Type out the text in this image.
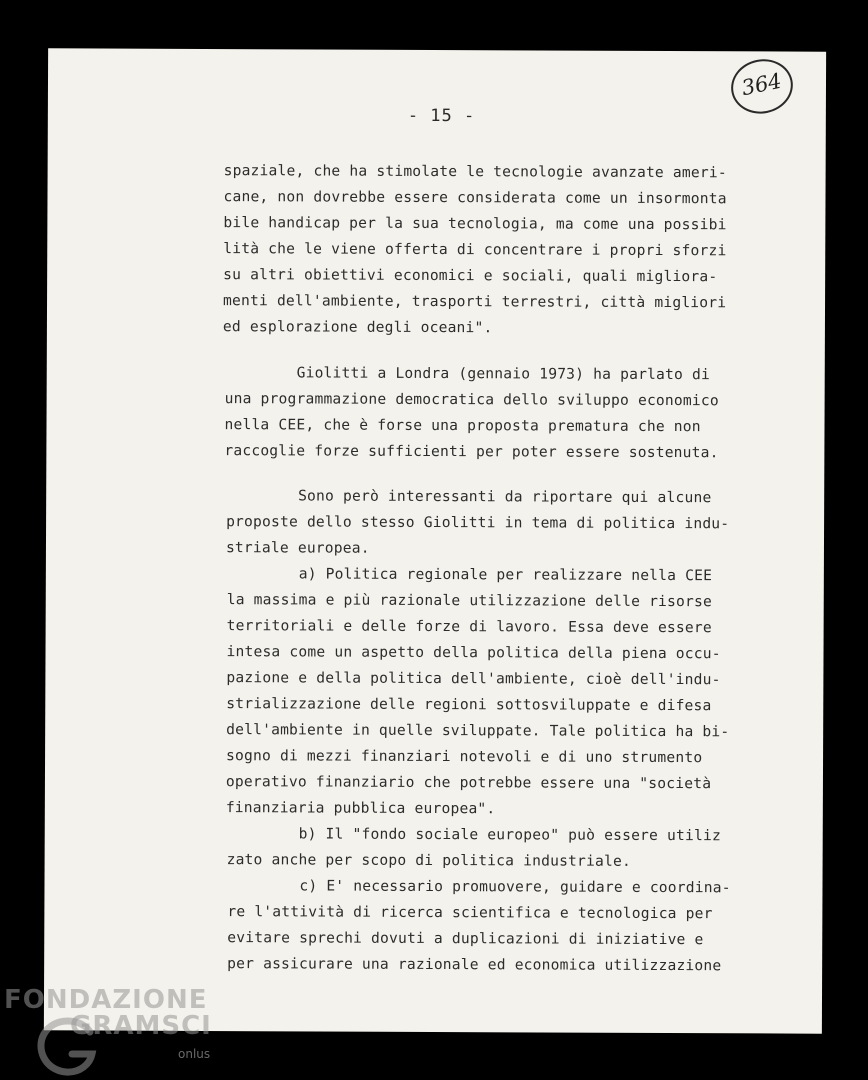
364
- 15 -
spaziale, che ha stimolate le tecnologie avanzate ameri-
cane, non dovrebbe essere considerata come un insormonta
bile handicap per la sua tecnologia, ma come una possibi
lità che le viene offerta di concentrare i propri sforzi
su altri obiettivi economici e sociali, quali migliora-
menti dell'ambiente, trasporti terrestri, città migliori
ed esplorazione degli oceani".
Giolitti a Londra (gennaio 1973) ha parlato di
una programmazione democratica dello sviluppo economico
nella CEE, che è forse una proposta prematura che non
raccoglie forze sufficienti per poter essere sostenuta.
Sono però interessanti da riportare qui alcune
proposte dello stesso Giolitti in tema di politica indu-
striale europea.
a) Politica regionale per realizzare nella CEE
la massima e più razionale utilizzazione delle risorse
territoriali e delle forze di lavoro. Essa deve essere
intesa come un aspetto della politica della piena occu-
pazione e della politica dell'ambiente, cioè dell'indu-
strializzazione delle regioni sottosviluppate e difesa
dell'ambiente in quelle sviluppate. Tale politica ha bi-
sogno di mezzi finanziari notevoli e di uno strumento
operativo finanziario che potrebbe essere una "società
finanziaria pubblica europea".
b) Il "fondo sociale europeo" può essere utiliz
zato anche per scopo di politica industriale.
c) E' necessario promuovere, guidare e coordina-
re l'attività di ricerca scientifica e tecnologica per
evitare sprechi dovuti a duplicazioni di iniziative e
per assicurare una razionale ed economica utilizzazione
FONDAZIONE
GRAMSCI
onlus
